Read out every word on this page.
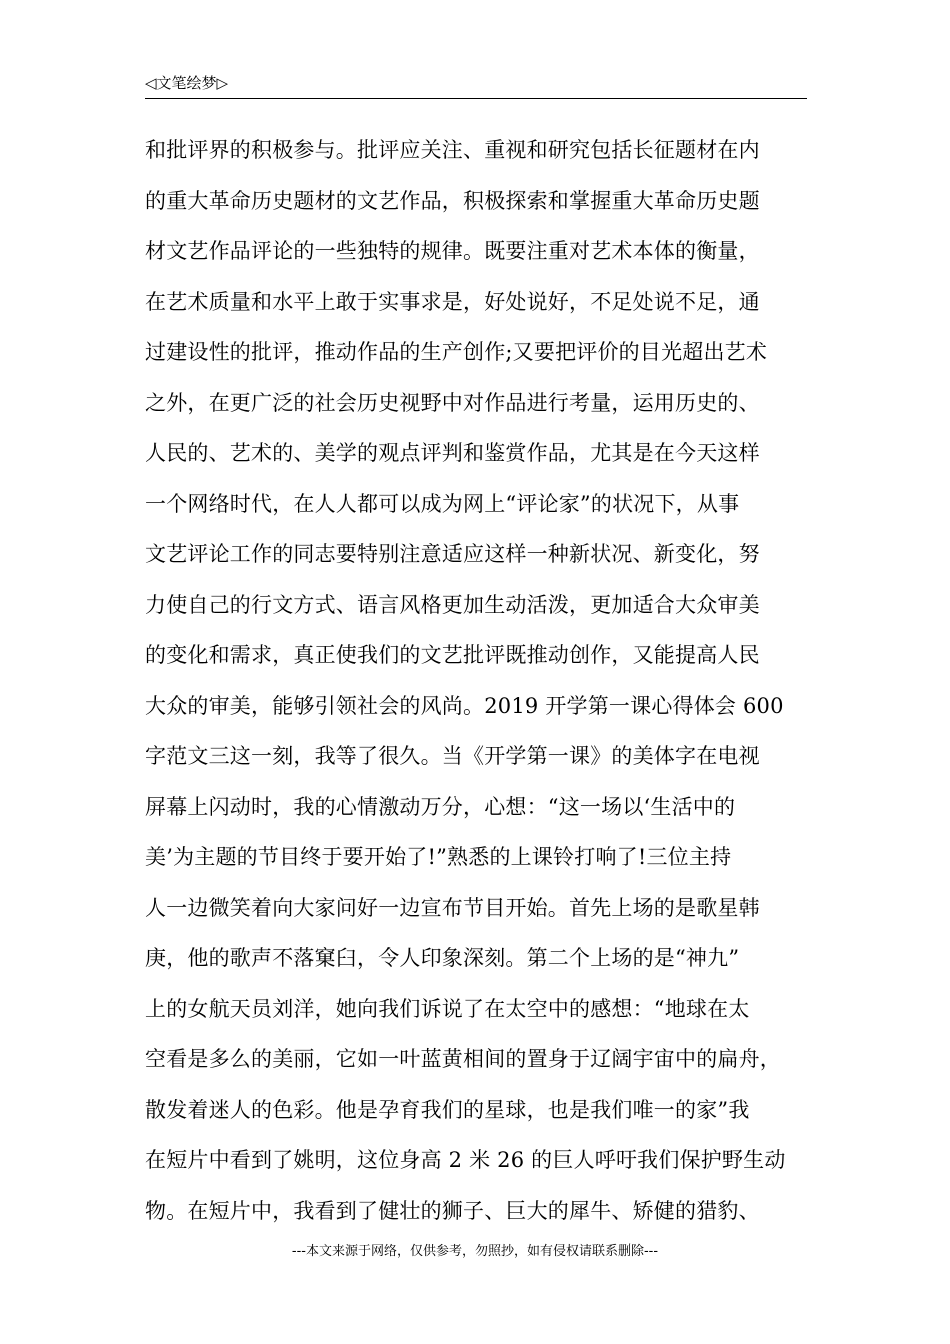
◁文笔绘梦▷
和批评界的积极参与。批评应关注、重视和研究包括长征题材在内
的重大革命历史题材的文艺作品，积极探索和掌握重大革命历史题
材文艺作品评论的一些独特的规律。既要注重对艺术本体的衡量，
在艺术质量和水平上敢于实事求是，好处说好，不足处说不足，通
过建设性的批评，推动作品的生产创作;又要把评价的目光超出艺术
之外，在更广泛的社会历史视野中对作品进行考量，运用历史的、
人民的、艺术的、美学的观点评判和鉴赏作品，尤其是在今天这样
一个网络时代，在人人都可以成为网上“评论家”的状况下，从事
文艺评论工作的同志要特别注意适应这样一种新状况、新变化，努
力使自己的行文方式、语言风格更加生动活泼，更加适合大众审美
的变化和需求，真正使我们的文艺批评既推动创作，又能提高人民
大众的审美，能够引领社会的风尚。2019 开学第一课心得体会 600
字范文三这一刻，我等了很久。当《开学第一课》的美体字在电视
屏幕上闪动时，我的心情激动万分，心想：“这一场以‘生活中的
美’为主题的节目终于要开始了!”熟悉的上课铃打响了!三位主持
人一边微笑着向大家问好一边宣布节目开始。首先上场的是歌星韩
庚，他的歌声不落窠臼，令人印象深刻。第二个上场的是“神九”
上的女航天员刘洋，她向我们诉说了在太空中的感想：“地球在太
空看是多么的美丽，它如一叶蓝黄相间的置身于辽阔宇宙中的扁舟，
散发着迷人的色彩。他是孕育我们的星球，也是我们唯一的家”我
在短片中看到了姚明，这位身高 2 米 26 的巨人呼吁我们保护野生动
物。在短片中，我看到了健壮的狮子、巨大的犀牛、矫健的猎豹、
---本文来源于网络，仅供参考，勿照抄，如有侵权请联系删除---
